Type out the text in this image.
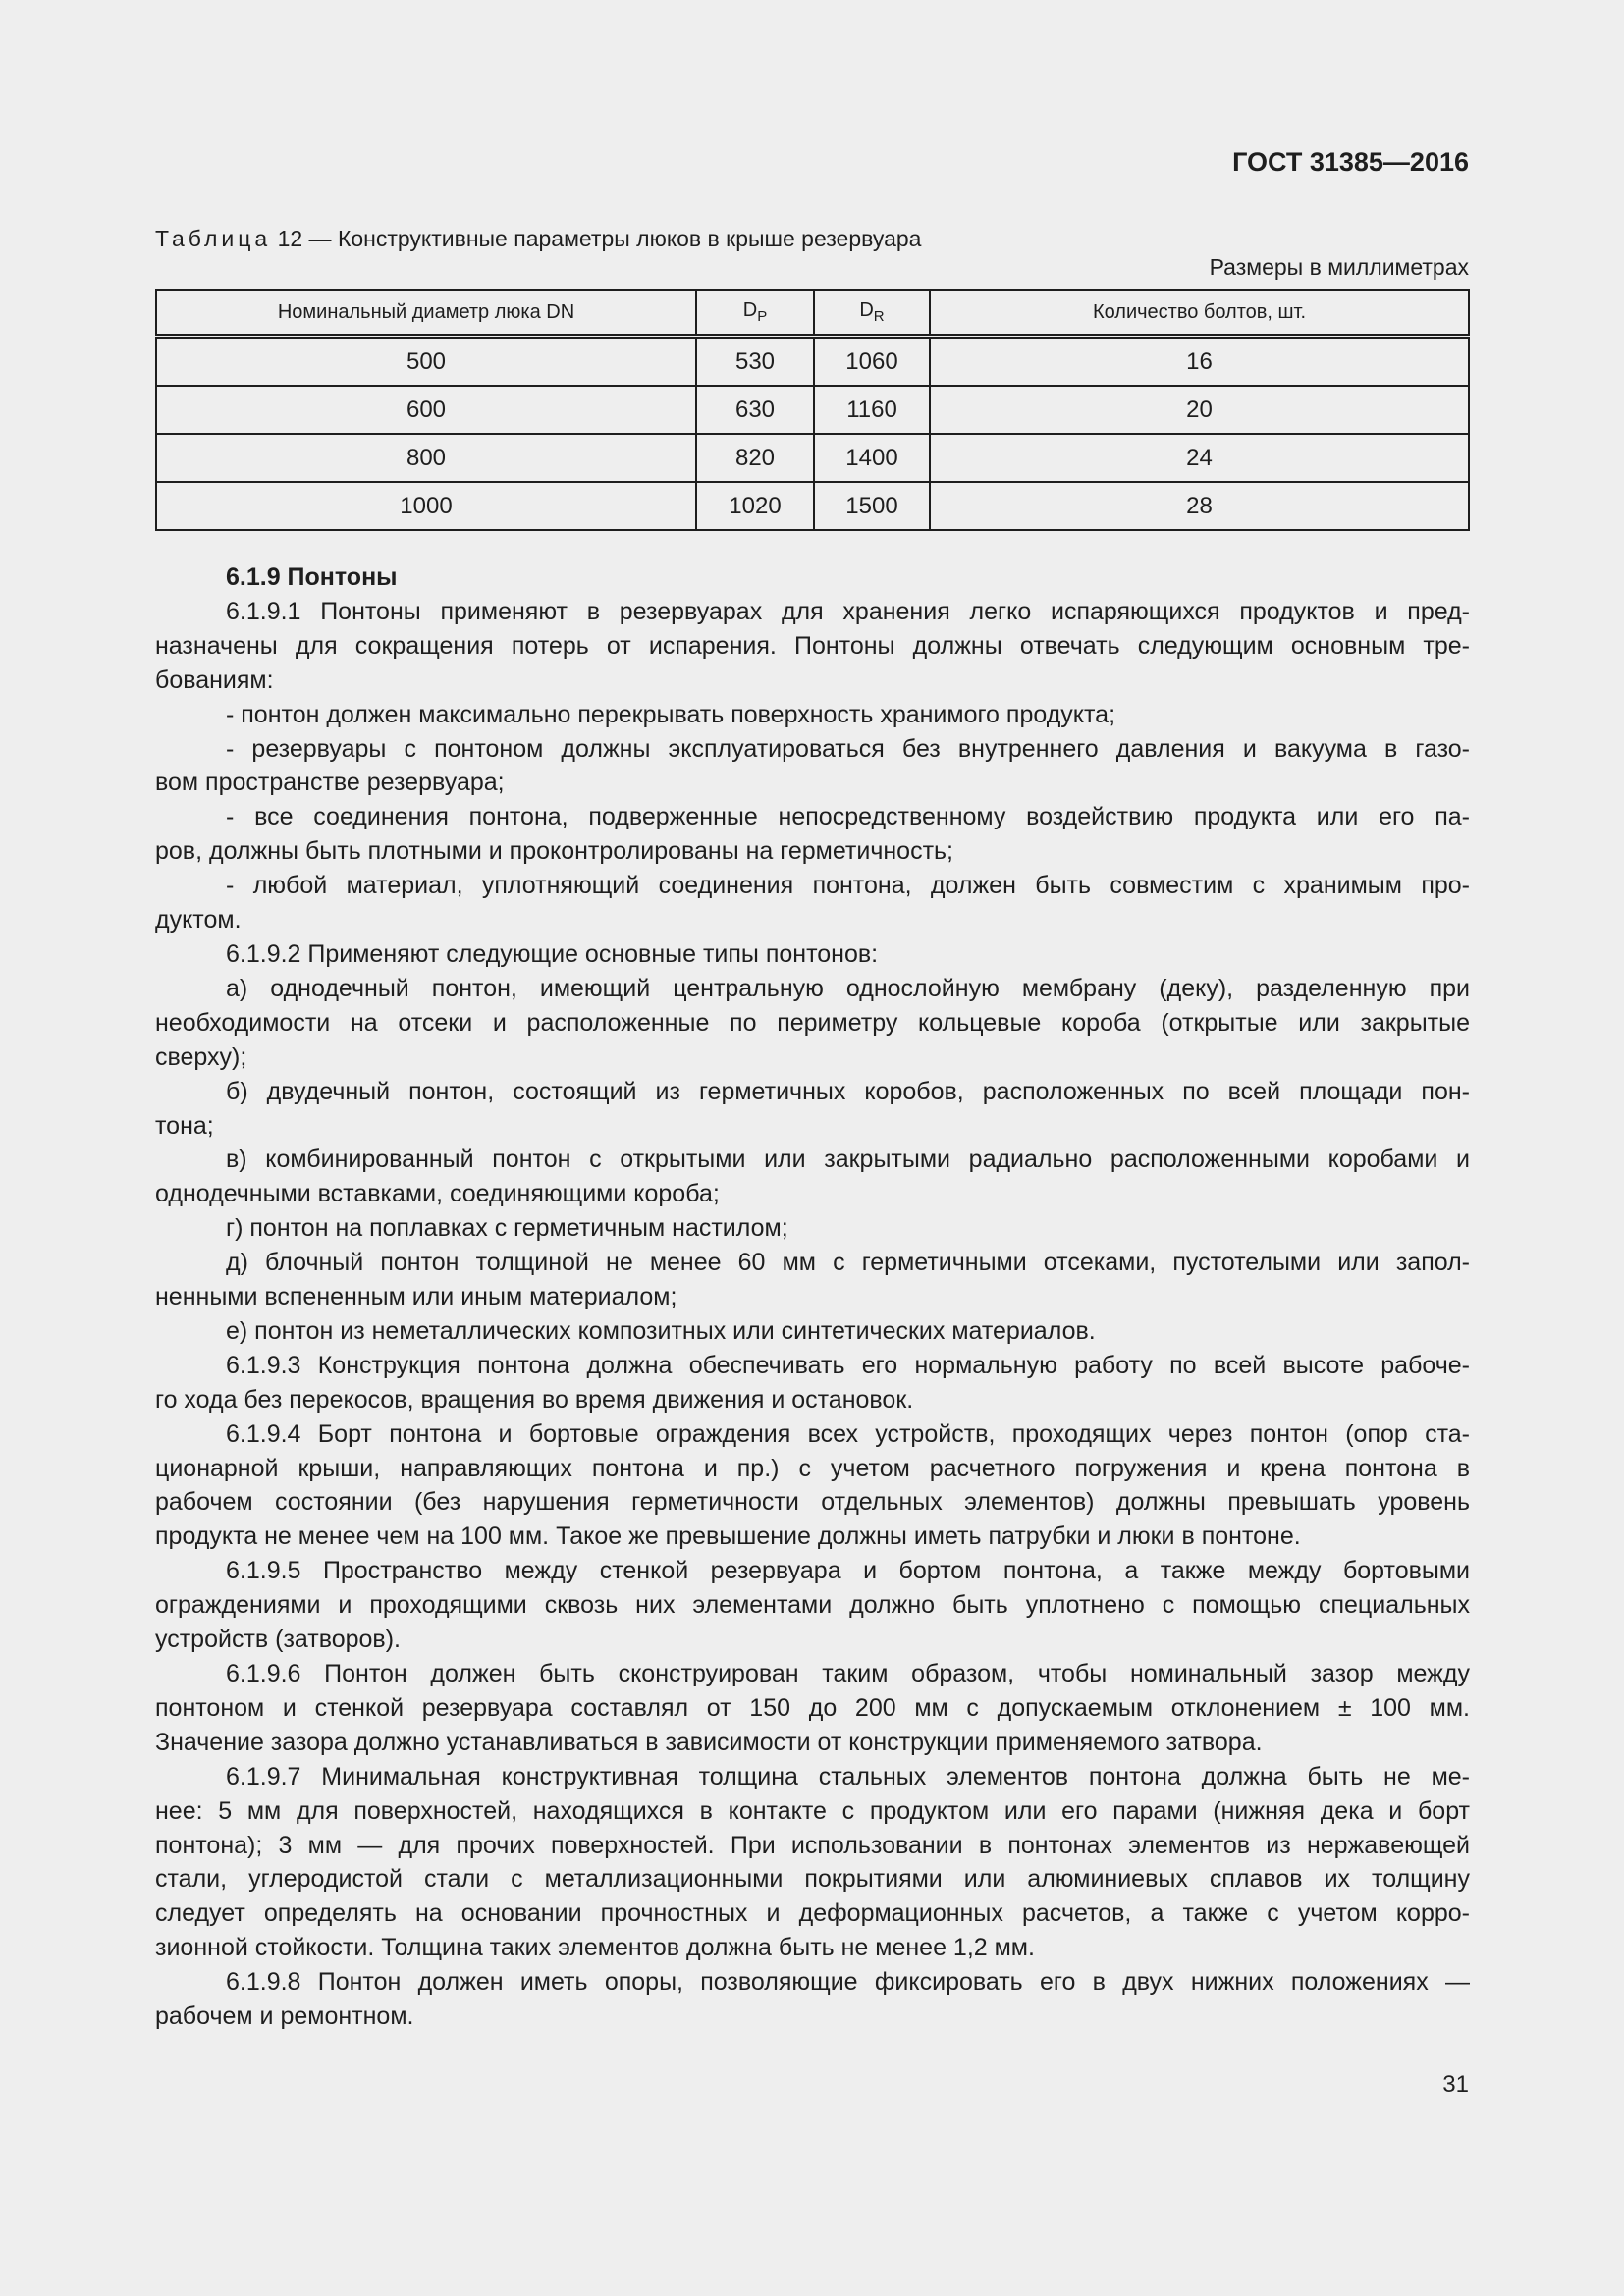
ГОСТ 31385—2016
Таблица 12 — Конструктивные параметры люков в крыше резервуара
Размеры в миллиметрах
Номинальный диаметр люка DN	$D_P$	$D_R$	Количество болтов, шт.
500	530	1060	16
600	630	1160	20
800	820	1400	24
1000	1020	1500	28
6.1.9 Понтоны
6.1.9.1 Понтоны применяют в резервуарах для хранения легко испаряющихся продуктов и пред-
назначены для сокращения потерь от испарения. Понтоны должны отвечать следующим основным тре-
бованиям:
- понтон должен максимально перекрывать поверхность хранимого продукта;
- резервуары с понтоном должны эксплуатироваться без внутреннего давления и вакуума в газо-
вом пространстве резервуара;
- все соединения понтона, подверженные непосредственному воздействию продукта или его па-
ров, должны быть плотными и проконтролированы на герметичность;
- любой материал, уплотняющий соединения понтона, должен быть совместим с хранимым про-
дуктом.
6.1.9.2 Применяют следующие основные типы понтонов:
а) однодечный понтон, имеющий центральную однослойную мембрану (деку), разделенную при
необходимости на отсеки и расположенные по периметру кольцевые короба (открытые или закрытые
сверху);
б) двудечный понтон, состоящий из герметичных коробов, расположенных по всей площади пон-
тона;
в) комбинированный понтон с открытыми или закрытыми радиально расположенными коробами и
однодечными вставками, соединяющими короба;
г) понтон на поплавках с герметичным настилом;
д) блочный понтон толщиной не менее 60 мм с герметичными отсеками, пустотелыми или запол-
ненными вспененным или иным материалом;
е) понтон из неметаллических композитных или синтетических материалов.
6.1.9.3 Конструкция понтона должна обеспечивать его нормальную работу по всей высоте рабоче-
го хода без перекосов, вращения во время движения и остановок.
6.1.9.4 Борт понтона и бортовые ограждения всех устройств, проходящих через понтон (опор ста-
ционарной крыши, направляющих понтона и пр.) с учетом расчетного погружения и крена понтона в
рабочем состоянии (без нарушения герметичности отдельных элементов) должны превышать уровень
продукта не менее чем на 100 мм. Такое же превышение должны иметь патрубки и люки в понтоне.
6.1.9.5 Пространство между стенкой резервуара и бортом понтона, а также между бортовыми
ограждениями и проходящими сквозь них элементами должно быть уплотнено с помощью специальных
устройств (затворов).
6.1.9.6 Понтон должен быть сконструирован таким образом, чтобы номинальный зазор между
понтоном и стенкой резервуара составлял от 150 до 200 мм с допускаемым отклонением ± 100 мм.
Значение зазора должно устанавливаться в зависимости от конструкции применяемого затвора.
6.1.9.7 Минимальная конструктивная толщина стальных элементов понтона должна быть не ме-
нее: 5 мм для поверхностей, находящихся в контакте с продуктом или его парами (нижняя дека и борт
понтона); 3 мм — для прочих поверхностей. При использовании в понтонах элементов из нержавеющей
стали, углеродистой стали с металлизационными покрытиями или алюминиевых сплавов их толщину
следует определять на основании прочностных и деформационных расчетов, а также с учетом корро-
зионной стойкости. Толщина таких элементов должна быть не менее 1,2 мм.
6.1.9.8 Понтон должен иметь опоры, позволяющие фиксировать его в двух нижних положениях —
рабочем и ремонтном.
31
